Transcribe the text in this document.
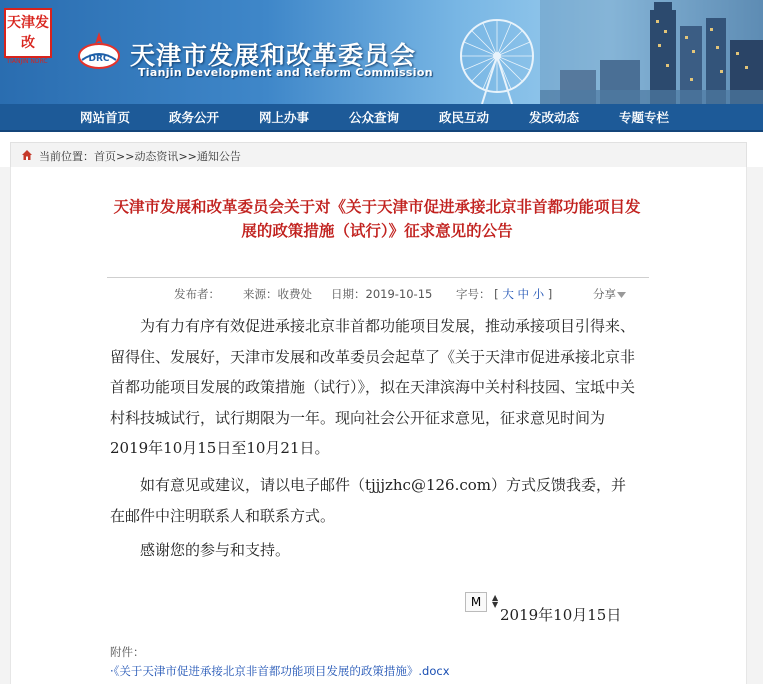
天津发改
TIANJIN NDRC	DRC 天津市发展和改革委员会
Tianjin Development and Reform Commission
网站首页	政务公开	网上办事	公众查询	政民互动	发改动态	专题专栏
当前位置：首页>>动态资讯>>通知公告
天津市发展和改革委员会关于对《关于天津市促进承接北京非首都功能项目发展的政策措施（试行）》征求意见的公告
发布者： 来源：收费处 日期：2019-10-15 字号： [ 大 中 小 ]	分享
为有力有序有效促进承接北京非首都功能项目发展，推动承接项目引得来、留得住、发展好，天津市发展和改革委员会起草了《关于天津市促进承接北京非首都功能项目发展的政策措施（试行）》，拟在天津滨海中关村科技园、宝坻中关村科技城试行，试行期限为一年。现向社会公开征求意见，征求意见时间为2019年10月15日至10月21日。
如有意见或建议，请以电子邮件（tjjjzhc@126.com）方式反馈我委，并在邮件中注明联系人和联系方式。
感谢您的参与和支持。
M	▲
▼
2019年10月15日
附件：
·《关于天津市促进承接北京非首都功能项目发展的政策措施》.docx
